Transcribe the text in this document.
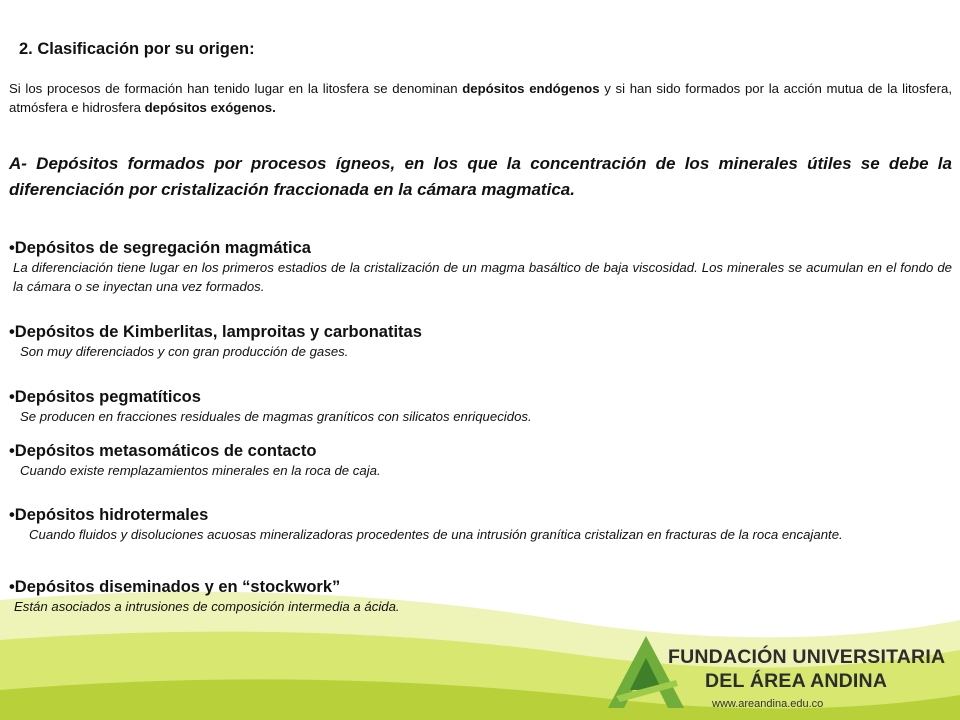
2. Clasificación por su origen:

Si los procesos de formación han tenido lugar en la litosfera se denominan depósitos endógenos y si han sido formados por la acción mutua de la litosfera, atmósfera e hidrosfera depósitos exógenos.

A- Depósitos formados por procesos ígneos, en los que la concentración de los minerales útiles se debe la diferenciación por cristalización fraccionada en la cámara magmatica.

•Depósitos de segregación magmática
La diferenciación tiene lugar en los primeros estadios de la cristalización de un magma basáltico de baja viscosidad. Los minerales se acumulan en el fondo de la cámara o se inyectan una vez formados.
•Depósitos de Kimberlitas, lamproitas y carbonatitas
Son muy diferenciados y con gran producción de gases.
•Depósitos pegmatíticos
Se producen en fracciones residuales de magmas graníticos con silicatos enriquecidos.
•Depósitos metasomáticos de contacto
Cuando existe remplazamientos minerales en la roca de caja.
•Depósitos hidrotermales
Cuando fluidos y disoluciones acuosas mineralizadoras procedentes de una intrusión granítica cristalizan en fracturas de la roca encajante.
•Depósitos diseminados y en “stockwork”
Están asociados a intrusiones de composición intermedia a ácida.
FUNDACIÓN UNIVERSITARIA
DEL ÁREA ANDINA
www.areandina.edu.co
